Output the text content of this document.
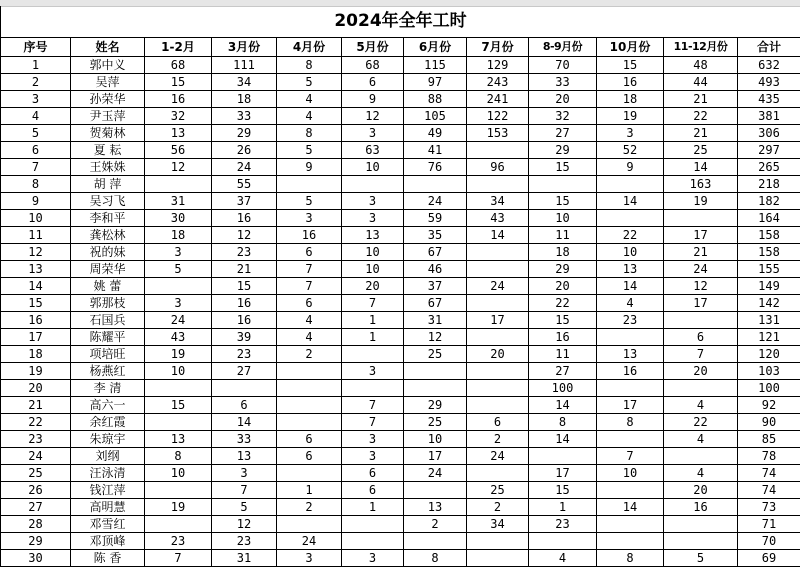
2024年全年工时											
序号	姓名	1-2月	3月份	4月份	5月份	6月份	7月份	8-9月份	10月份	11-12月份	合计
1	郭中义	68	111	8	68	115	129	70	15	48	632
2	吴萍	15	34	5	6	97	243	33	16	44	493
3	孙荣华	16	18	4	9	88	241	20	18	21	435
4	尹玉萍	32	33	4	12	105	122	32	19	22	381
5	贺菊林	13	29	8	3	49	153	27	3	21	306
6	夏 耘	56	26	5	63	41		29	52	25	297
7	王姝姝	12	24	9	10	76	96	15	9	14	265
8	胡 萍		55							163	218
9	吴习飞	31	37	5	3	24	34	15	14	19	182
10	李和平	30	16	3	3	59	43	10			164
11	龚松林	18	12	16	13	35	14	11	22	17	158
12	祝的妹	3	23	6	10	67		18	10	21	158
13	周荣华	5	21	7	10	46		29	13	24	155
14	姚 蕾		15	7	20	37	24	20	14	12	149
15	郭那枝	3	16	6	7	67		22	4	17	142
16	石国兵	24	16	4	1	31	17	15	23		131
17	陈耀平	43	39	4	1	12		16		6	121
18	项培旺	19	23	2		25	20	11	13	7	120
19	杨燕红	10	27		3			27	16	20	103
20	李 清							100			100
21	高六一	15	6		7	29		14	17	4	92
22	余红霞		14		7	25	6	8	8	22	90
23	朱琼宇	13	33	6	3	10	2	14		4	85
24	刘纲	8	13	6	3	17	24		7		78
25	汪泳清	10	3		6	24		17	10	4	74
26	钱江萍		7	1	6		25	15		20	74
27	高明慧	19	5	2	1	13	2	1	14	16	73
28	邓雪红		12			2	34	23			71
29	邓顶峰	23	23	24							70
30	陈 香	7	31	3	3	8		4	8	5	69
